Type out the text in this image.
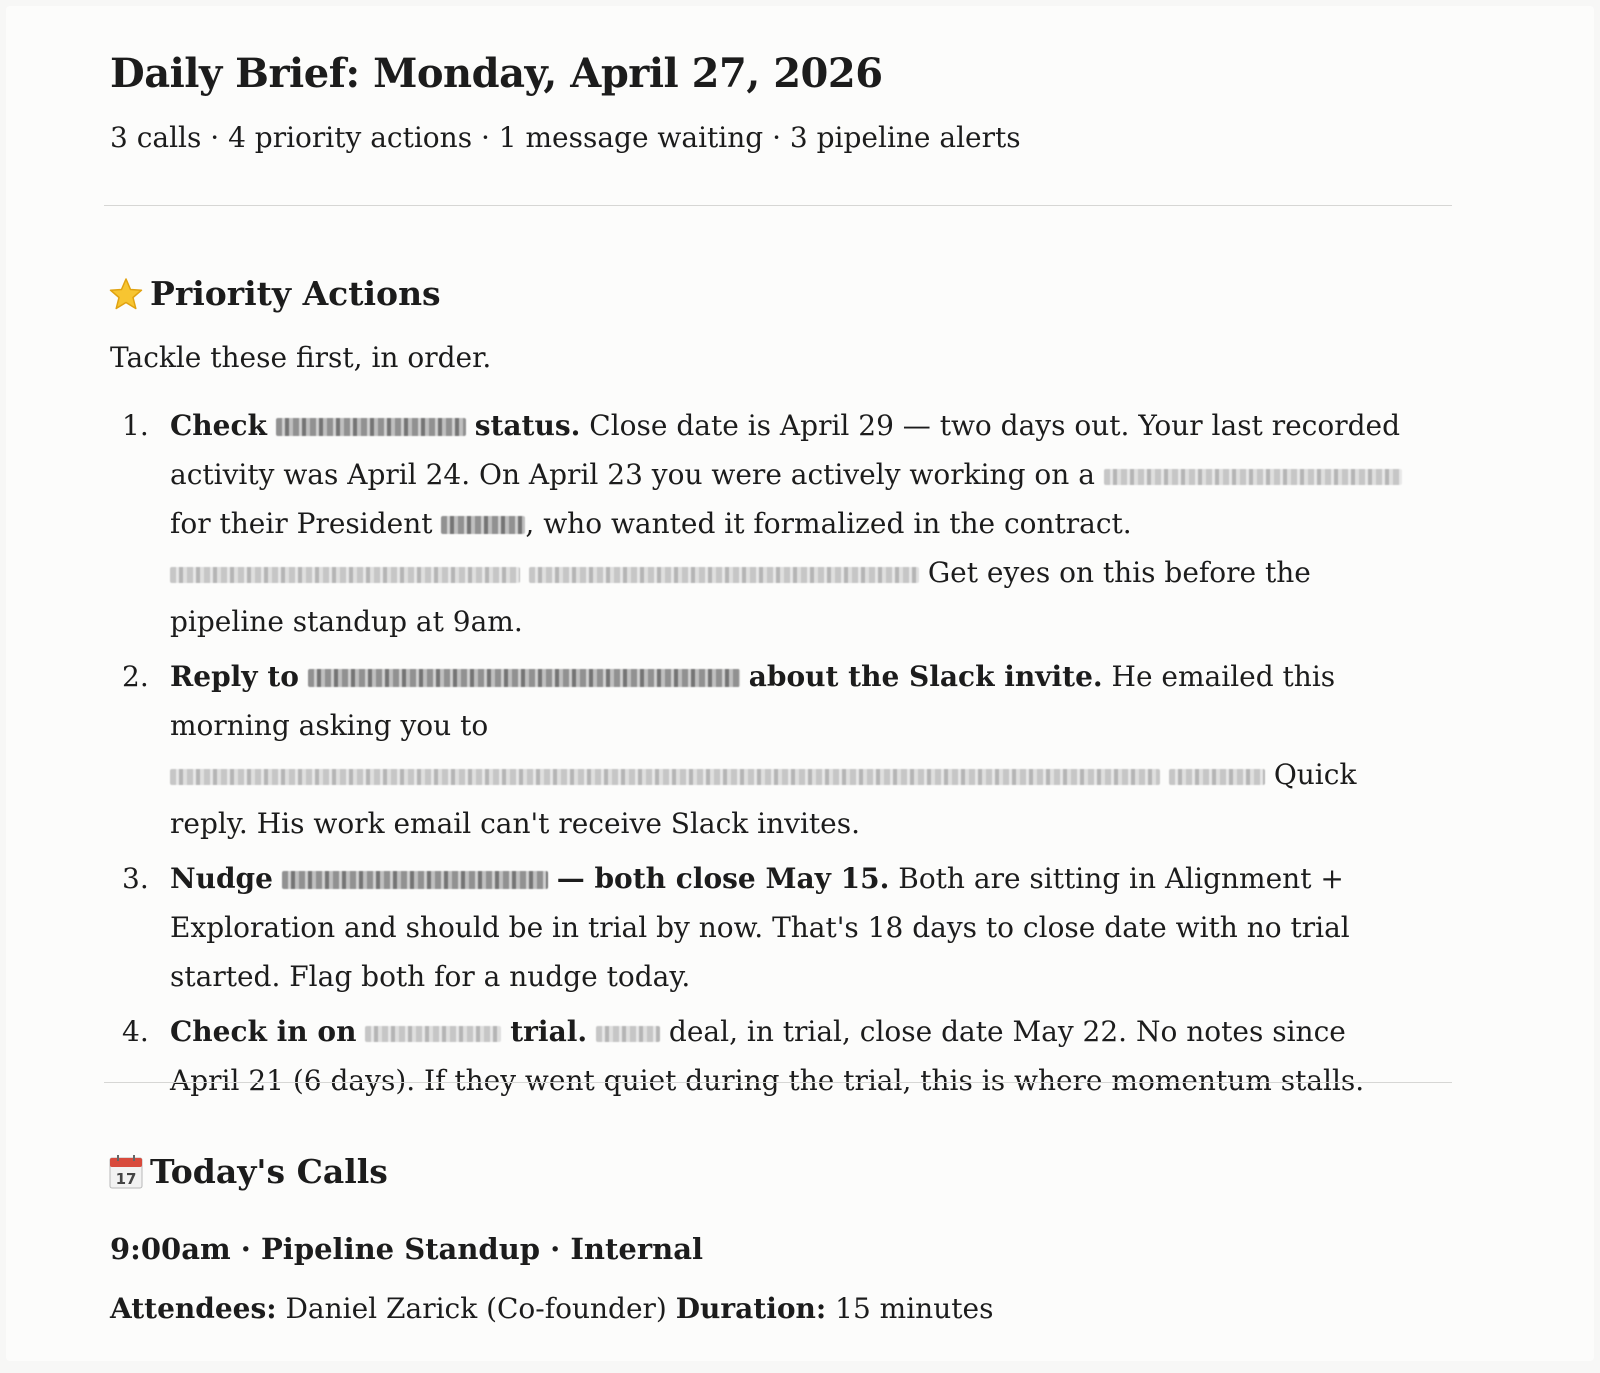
Daily Brief: Monday, April 27, 2026

3 calls · 4 priority actions · 1 message waiting · 3 pipeline alerts

Priority Actions

Tackle these first, in order.

1. Check	status. Close date is April 29 — two days out. Your last recorded activity was April 24. On April 23 you were actively working on a  for their President	, who wanted it formalized in the contract.   Get eyes on this before the pipeline standup at 9am.
2. Reply to	about the Slack invite. He emailed this morning asking you to   Quick reply. His work email can't receive Slack invites.
3. Nudge	— both close May 15. Both are sitting in Alignment + Exploration and should be in trial by now. That's 18 days to close date with no trial started. Flag both for a nudge today.
4. Check in on	trial.	deal, in trial, close date May 22. No notes since April 21 (6 days). If they went quiet during the trial, this is where momentum stalls.
17 Today's Calls

9:00am · Pipeline Standup · Internal

Attendees: Daniel Zarick (Co-founder) Duration: 15 minutes
